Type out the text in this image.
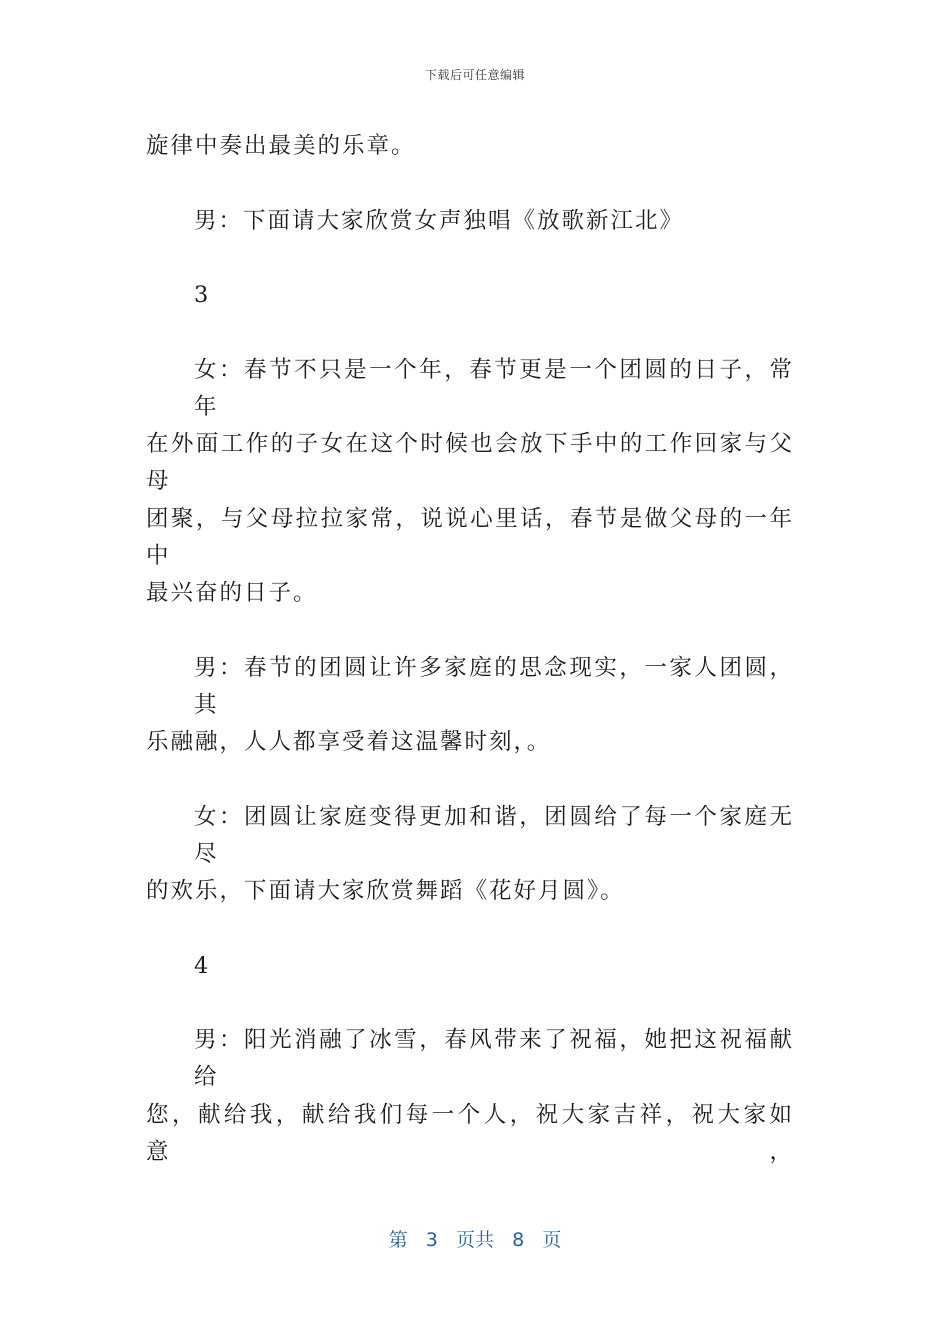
下载后可任意编辑

旋律中奏出最美的乐章。

男：下面请大家欣赏女声独唱《放歌新江北》

3

女：春节不只是一个年，春节更是一个团圆的日子，常年

在外面工作的子女在这个时候也会放下手中的工作回家与父母

团聚，与父母拉拉家常，说说心里话，春节是做父母的一年中

最兴奋的日子。

男：春节的团圆让许多家庭的思念现实，一家人团圆，其

乐融融，人人都享受着这温馨时刻，。

女：团圆让家庭变得更加和谐，团圆给了每一个家庭无尽

的欢乐，下面请大家欣赏舞蹈《花好月圆》。

4

男：阳光消融了冰雪，春风带来了祝福，她把这祝福献给

您，献给我，献给我们每一个人，祝大家吉祥，祝大家如意，

第 3 页共 8 页
